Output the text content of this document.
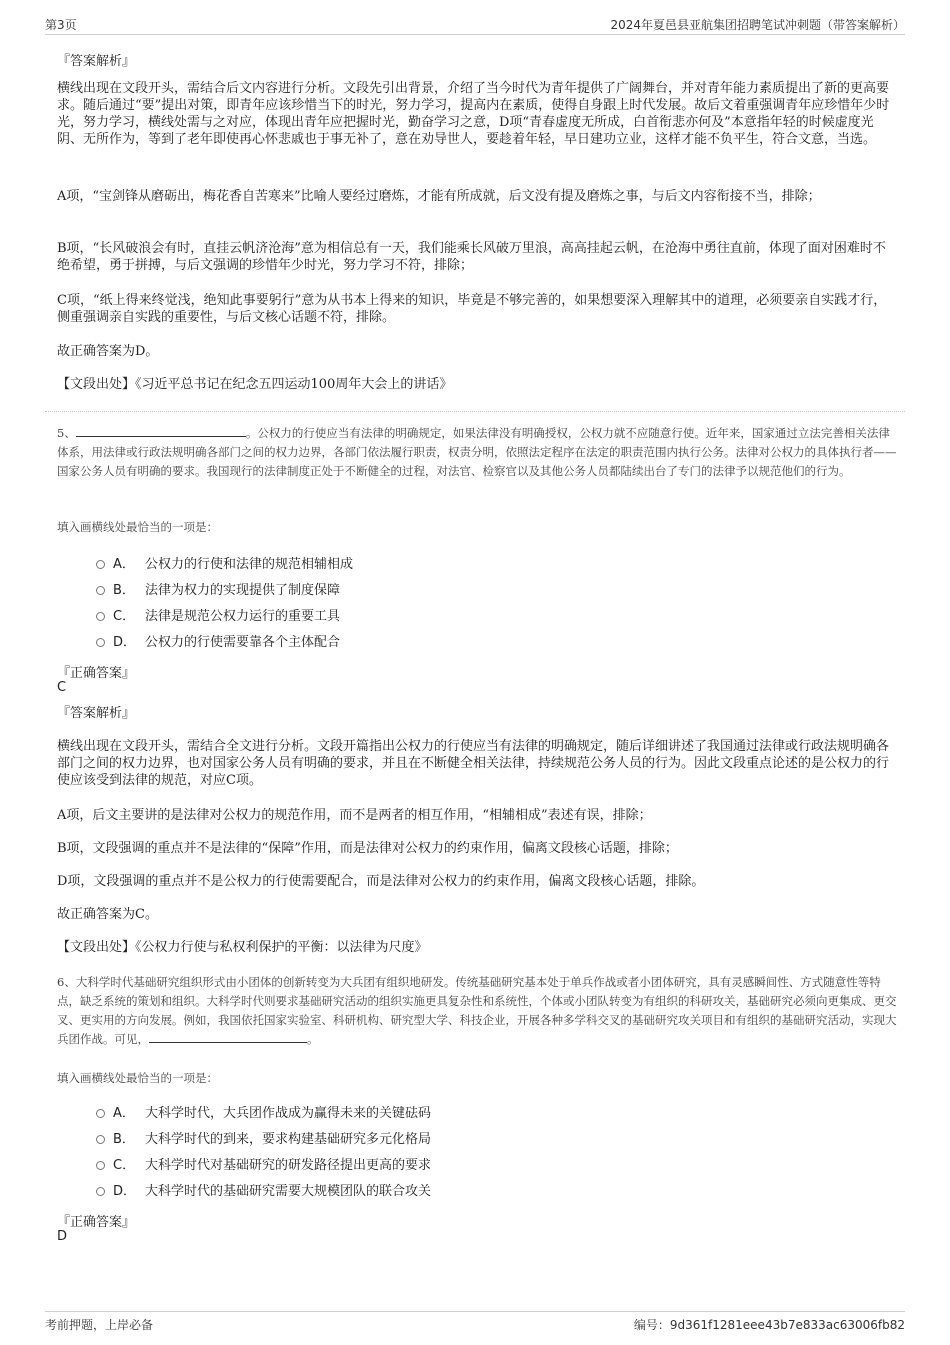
第3页	2024年夏邑县亚航集团招聘笔试冲刺题（带答案解析）
『答案解析』
横线出现在文段开头，需结合后文内容进行分析。文段先引出背景，介绍了当今时代为青年提供了广阔舞台，并对青年能力素质提出了新的更高要求。随后通过“要”提出对策，即青年应该珍惜当下的时光，努力学习，提高内在素质，使得自身跟上时代发展。故后文着重强调青年应珍惜年少时光，努力学习，横线处需与之对应，体现出青年应把握时光，勤奋学习之意，D项“青春虚度无所成，白首衔悲亦何及”本意指年轻的时候虚度光阴、无所作为，等到了老年即使再心怀悲戚也于事无补了，意在劝导世人，要趁着年轻，早日建功立业，这样才能不负平生，符合文意，当选。
A项，“宝剑锋从磨砺出，梅花香自苦寒来”比喻人要经过磨炼，才能有所成就，后文没有提及磨炼之事，与后文内容衔接不当，排除；
B项，“长风破浪会有时，直挂云帆济沧海”意为相信总有一天，我们能乘长风破万里浪，高高挂起云帆，在沧海中勇往直前，体现了面对困难时不绝希望，勇于拼搏，与后文强调的珍惜年少时光，努力学习不符，排除；
C项，“纸上得来终觉浅，绝知此事要躬行”意为从书本上得来的知识，毕竟是不够完善的，如果想要深入理解其中的道理，必须要亲自实践才行，侧重强调亲自实践的重要性，与后文核心话题不符，排除。
故正确答案为D。
【文段出处】《习近平总书记在纪念五四运动100周年大会上的讲话》
5、	。公权力的行使应当有法律的明确规定，如果法律没有明确授权，公权力就不应随意行使。近年来，国家通过立法完善相关法律体系，用法律或行政法规明确各部门之间的权力边界，各部门依法履行职责，权责分明，依照法定程序在法定的职责范围内执行公务。法律对公权力的具体执行者——国家公务人员有明确的要求。我国现行的法律制度正处于不断健全的过程，对法官、检察官以及其他公务人员都陆续出台了专门的法律予以规范他们的行为。
填入画横线处最恰当的一项是：
A． 公权力的行使和法律的规范相辅相成
B． 法律为权力的实现提供了制度保障
C． 法律是规范公权力运行的重要工具
D． 公权力的行使需要靠各个主体配合
『正确答案』
C
『答案解析』
横线出现在文段开头，需结合全文进行分析。文段开篇指出公权力的行使应当有法律的明确规定，随后详细讲述了我国通过法律或行政法规明确各部门之间的权力边界，也对国家公务人员有明确的要求，并且在不断健全相关法律，持续规范公务人员的行为。因此文段重点论述的是公权力的行使应该受到法律的规范，对应C项。
A项，后文主要讲的是法律对公权力的规范作用，而不是两者的相互作用，“相辅相成”表述有误，排除；
B项，文段强调的重点并不是法律的“保障”作用，而是法律对公权力的约束作用，偏离文段核心话题，排除；
D项，文段强调的重点并不是公权力的行使需要配合，而是法律对公权力的约束作用，偏离文段核心话题，排除。
故正确答案为C。
【文段出处】《公权力行使与私权利保护的平衡：以法律为尺度》
6、大科学时代基础研究组织形式由小团体的创新转变为大兵团有组织地研发。传统基础研究基本处于单兵作战或者小团体研究，具有灵感瞬间性、方式随意性等特点，缺乏系统的策划和组织。大科学时代则要求基础研究活动的组织实施更具复杂性和系统性，个体或小团队转变为有组织的科研攻关，基础研究必须向更集成、更交叉、更实用的方向发展。例如，我国依托国家实验室、科研机构、研究型大学、科技企业，开展各种多学科交叉的基础研究攻关项目和有组织的基础研究活动，实现大兵团作战。可见，	。
填入画横线处最恰当的一项是：
A． 大科学时代，大兵团作战成为赢得未来的关键砝码
B． 大科学时代的到来，要求构建基础研究多元化格局
C． 大科学时代对基础研究的研发路径提出更高的要求
D． 大科学时代的基础研究需要大规模团队的联合攻关
『正确答案』
D
考前押题，上岸必备	编号：9d361f1281eee43b7e833ac63006fb82
